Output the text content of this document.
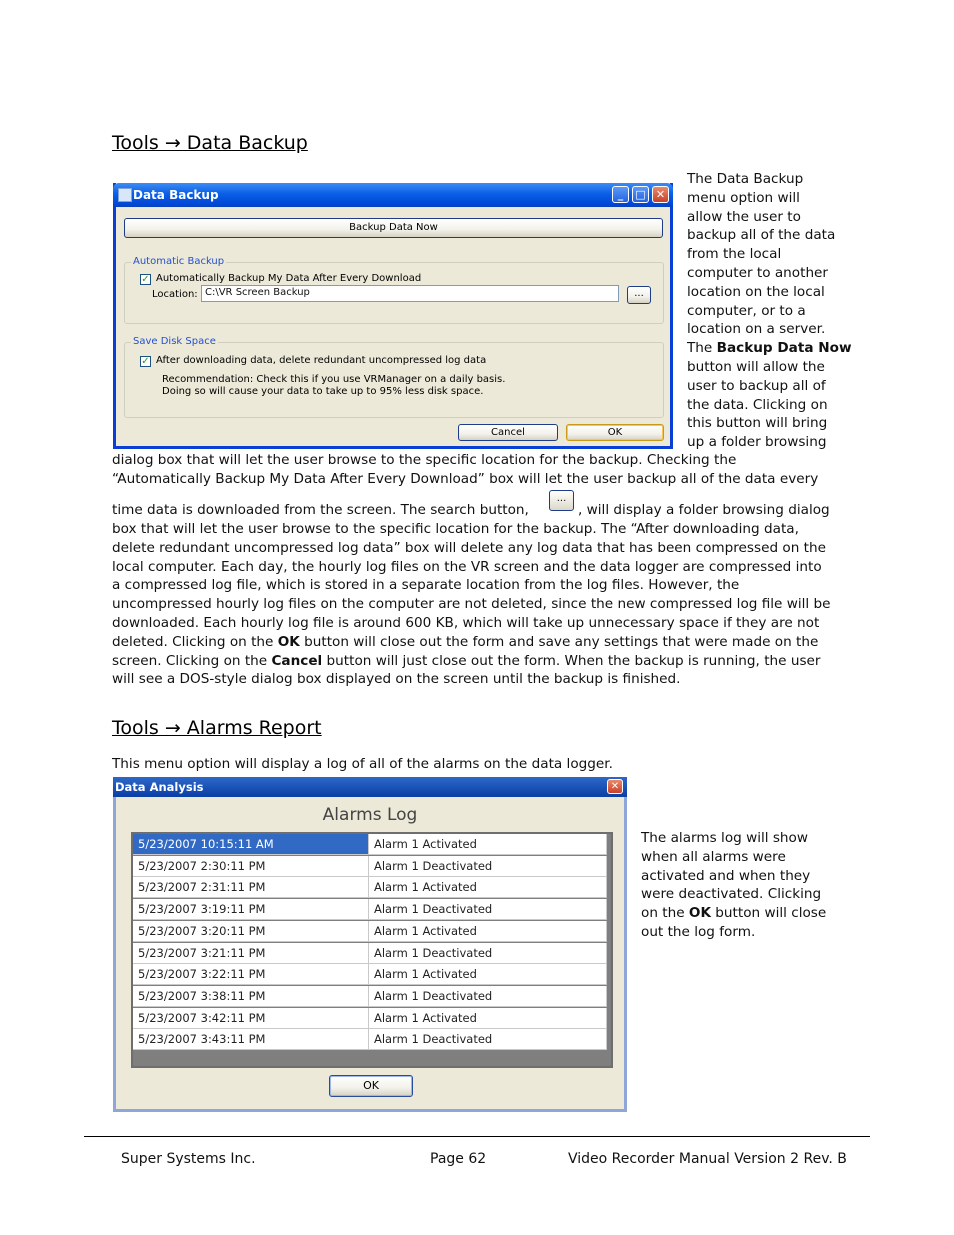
Tools → Data Backup
Data Backup	_	□ ✕
Backup Data Now
Automatic Backup
✓ Automatically Backup My Data After Every Download
Location: C:\VR Screen Backup	...
Save Disk Space
✓ After downloading data, delete redundant uncompressed log data
Recommendation: Check this if you use VRManager on a daily basis.
Doing so will cause your data to take up to 95% less disk space.
Cancel	OK
The Data Backup
menu option will
allow the user to
backup all of the data
from the local
computer to another
location on the local
computer, or to a
location on a server.
The Backup Data Now
button will allow the
user to backup all of
the data. Clicking on
this button will bring
up a folder browsing
dialog box that will let the user browse to the specific location for the backup. Checking the
“Automatically Backup My Data After Every Download” box will let the user backup all of the data every
time data is downloaded from the screen. The search button,
...
, will display a folder browsing dialog
box that will let the user browse to the specific location for the backup. The “After downloading data,
delete redundant uncompressed log data” box will delete any log data that has been compressed on the
local computer. Each day, the hourly log files on the VR screen and the data logger are compressed into
a compressed log file, which is stored in a separate location from the log files. However, the
uncompressed hourly log files on the computer are not deleted, since the new compressed log file will be
downloaded. Each hourly log file is around 600 KB, which will take up unnecessary space if they are not
deleted. Clicking on the OK button will close out the form and save any settings that were made on the
screen. Clicking on the Cancel button will just close out the form. When the backup is running, the user
will see a DOS-style dialog box displayed on the screen until the backup is finished.
Tools → Alarms Report
This menu option will display a log of all of the alarms on the data logger.
Data Analysis	✕
Alarms Log
5/23/2007 10:15:11 AM	Alarm 1 Activated
5/23/2007 2:30:11 PM	Alarm 1 Deactivated
5/23/2007 2:31:11 PM	Alarm 1 Activated
5/23/2007 3:19:11 PM	Alarm 1 Deactivated
5/23/2007 3:20:11 PM	Alarm 1 Activated
5/23/2007 3:21:11 PM	Alarm 1 Deactivated
5/23/2007 3:22:11 PM	Alarm 1 Activated
5/23/2007 3:38:11 PM	Alarm 1 Deactivated
5/23/2007 3:42:11 PM	Alarm 1 Activated
5/23/2007 3:43:11 PM	Alarm 1 Deactivated
OK
The alarms log will show
when all alarms were
activated and when they
were deactivated. Clicking
on the OK button will close
out the log form.
Super Systems Inc.	Page 62	Video Recorder Manual Version 2 Rev. B
